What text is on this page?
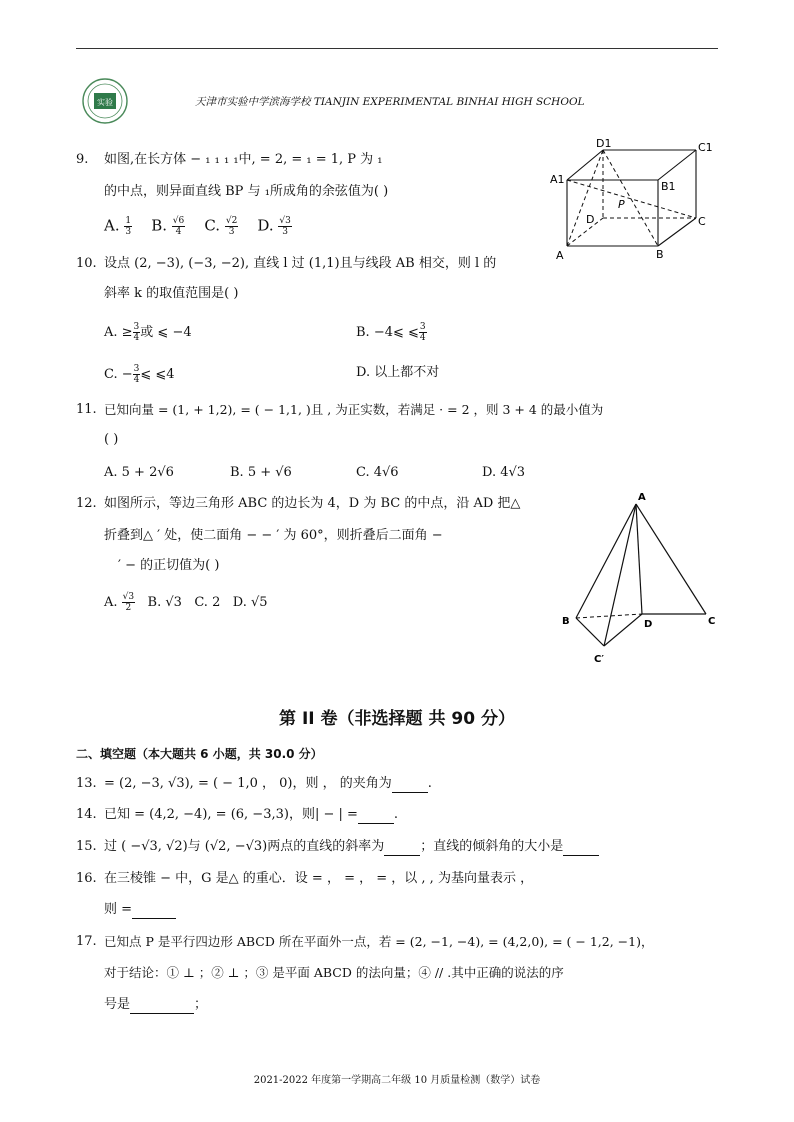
实验	天津市实验中学滨海学校 TIANJIN EXPERIMENTAL BINHAI HIGH SCHOOL
9. 如图,在长方体 − ₁ ₁ ₁ ₁中, = 2, = ₁ = 1, P 为 ₁
的中点，则异面直线 BP 与 ₁所成角的余弦值为( )
A. $\frac{1}{3} B$. $\frac{√6}{4} C$. $\frac{√2}{3} D$. $\frac{√3}{3}$
D1	C1
A1
B1
P
D	C
A	B
10. 设点 (2, −3), (−3, −2), 直线 l 过 (1,1)且与线段 AB 相交，则 l 的
斜率 k 的取值范围是( )
A. ≥ $\frac{3}{4}$ 或 ⩽ −4	B. −4⩽ ⩽ $\frac{3}{4}$
C. − $\frac{3}{4}$ ⩽ ⩽4	D. 以上都不对
11. 已知向量 = (1, + 1,2), = ( − 1,1, )且 , 为正实数，若满足 · = 2 ，则 3 + 4 的最小值为
( )
A. 5 + 2√6	B. 5 + √6	C. 4√6	D. 4√3
12. 如图所示，等边三角形 ABC 的边长为 4，D 为 BC 的中点，沿 AD 把△
折叠到△ ′ 处，使二面角 − − ′ 为 60°，则折叠后二面角 −
′ − 的正切值为( )
A. $\frac{√3}{2} B$. √3 C. 2 D. √5
A
B	D	C
C′
第 II 卷（非选择题 共 90 分）
二、填空题（本大题共 6 小题，共 30.0 分）
13. = (2, −3, √3), = ( − 1,0 ， 0)，则 ， 的夹角为	.
14. 已知 = (4,2, −4), = (6, −3,3)，则| − | =	.
15. 过 ( −√3, √2)与 (√2, −√3)两点的直线的斜率为	；直线的倾斜角的大小是
16. 在三棱锥 − 中，G 是△ 的重心．设 = ， = ， = ，以 , , 为基向量表示 ，
则 =
17. 已知点 P 是平行四边形 ABCD 所在平面外一点，若 = (2, −1, −4), = (4,2,0), = ( − 1,2, −1)，
对于结论：① ⊥ ；② ⊥ ；③ 是平面 ABCD 的法向量；④ // .其中正确的说法的序
号是	；
2021-2022 年度第一学期高二年级 10 月质量检测（数学）试卷
